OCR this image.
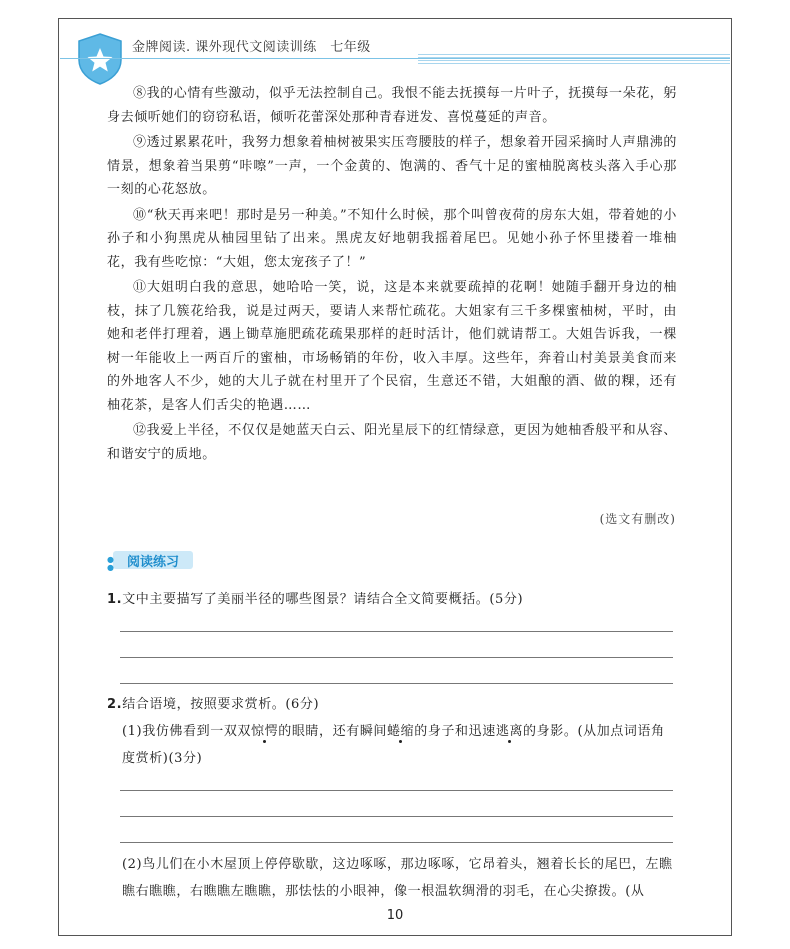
金牌阅读. 课外现代文阅读训练　七年级

⑧我的心情有些激动，似乎无法控制自己。我恨不能去抚摸每一片叶子，抚摸每一朵花，躬身去倾听她们的窃窃私语，倾听花蕾深处那种青春迸发、喜悦蔓延的声音。

⑨透过累累花叶，我努力想象着柚树被果实压弯腰肢的样子，想象着开园采摘时人声鼎沸的情景，想象着当果剪“咔嚓”一声，一个金黄的、饱满的、香气十足的蜜柚脱离枝头落入手心那一刻的心花怒放。

⑩“秋天再来吧！那时是另一种美。”不知什么时候，那个叫曾夜荷的房东大姐，带着她的小孙子和小狗黑虎从柚园里钻了出来。黑虎友好地朝我摇着尾巴。见她小孙子怀里搂着一堆柚花，我有些吃惊：“大姐，您太宠孩子了！”

⑪大姐明白我的意思，她哈哈一笑，说，这是本来就要疏掉的花啊！她随手翻开身边的柚枝，抹了几簇花给我，说是过两天，要请人来帮忙疏花。大姐家有三千多棵蜜柚树，平时，由她和老伴打理着，遇上锄草施肥疏花疏果那样的赶时活计，他们就请帮工。大姐告诉我，一棵树一年能收上一两百斤的蜜柚，市场畅销的年份，收入丰厚。这些年，奔着山村美景美食而来的外地客人不少，她的大儿子就在村里开了个民宿，生意还不错，大姐酿的酒、做的粿，还有柚花茶，是客人们舌尖的艳遇……

⑫我爱上半径，不仅仅是她蓝天白云、阳光星辰下的红情绿意，更因为她柚香般平和从容、和谐安宁的质地。

(选文有删改)
●
● 阅读练习
1.文中主要描写了美丽半径的哪些图景？请结合全文简要概括。(5分)
2.结合语境，按照要求赏析。(6分)
(1)我仿佛看到一双双惊愕的眼睛，还有瞬间蜷缩的身子和迅速逃离的身影。(从加点词语角度赏析)(3分)
(2)鸟儿们在小木屋顶上停停歇歇，这边啄啄，那边啄啄，它昂着头，翘着长长的尾巴，左瞧瞧右瞧瞧，右瞧瞧左瞧瞧，那怯怯的小眼神，像一根温软绸滑的羽毛，在心尖撩拨。(从
10
